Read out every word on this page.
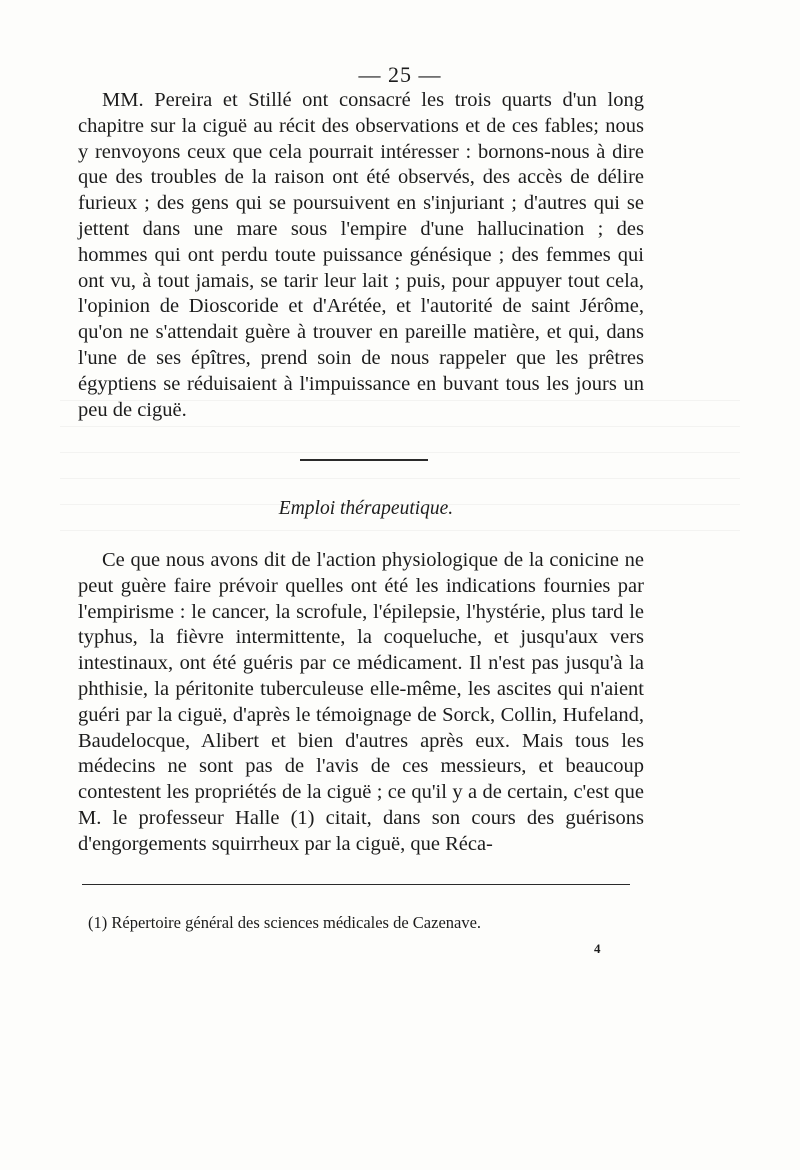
— 25 —
MM. Pereira et Stillé ont consacré les trois quarts d'un long chapitre sur la ciguë au récit des observations et de ces fables; nous y renvoyons ceux que cela pourrait intéresser : bornons-nous à dire que des troubles de la raison ont été observés, des accès de délire furieux ; des gens qui se poursuivent en s'injuriant ; d'autres qui se jettent dans une mare sous l'empire d'une hallucination ; des hommes qui ont perdu toute puissance génésique ; des femmes qui ont vu, à tout jamais, se tarir leur lait ; puis, pour appuyer tout cela, l'opinion de Dioscoride et d'Arétée, et l'autorité de saint Jérôme, qu'on ne s'attendait guère à trouver en pareille matière, et qui, dans l'une de ses épîtres, prend soin de nous rappeler que les prêtres égyptiens se réduisaient à l'impuissance en buvant tous les jours un peu de ciguë.
Emploi thérapeutique.
Ce que nous avons dit de l'action physiologique de la conicine ne peut guère faire prévoir quelles ont été les indications fournies par l'empirisme : le cancer, la scrofule, l'épilepsie, l'hystérie, plus tard le typhus, la fièvre intermittente, la coqueluche, et jusqu'aux vers intestinaux, ont été guéris par ce médicament. Il n'est pas jusqu'à la phthisie, la péritonite tuberculeuse elle-même, les ascites qui n'aient guéri par la ciguë, d'après le témoignage de Sorck, Collin, Hufeland, Baudelocque, Alibert et bien d'autres après eux. Mais tous les médecins ne sont pas de l'avis de ces messieurs, et beaucoup contestent les propriétés de la ciguë ; ce qu'il y a de certain, c'est que M. le professeur Halle (1) citait, dans son cours des guérisons d'engorgements squirrheux par la ciguë, que Réca-
(1) Répertoire général des sciences médicales de Cazenave.
4
